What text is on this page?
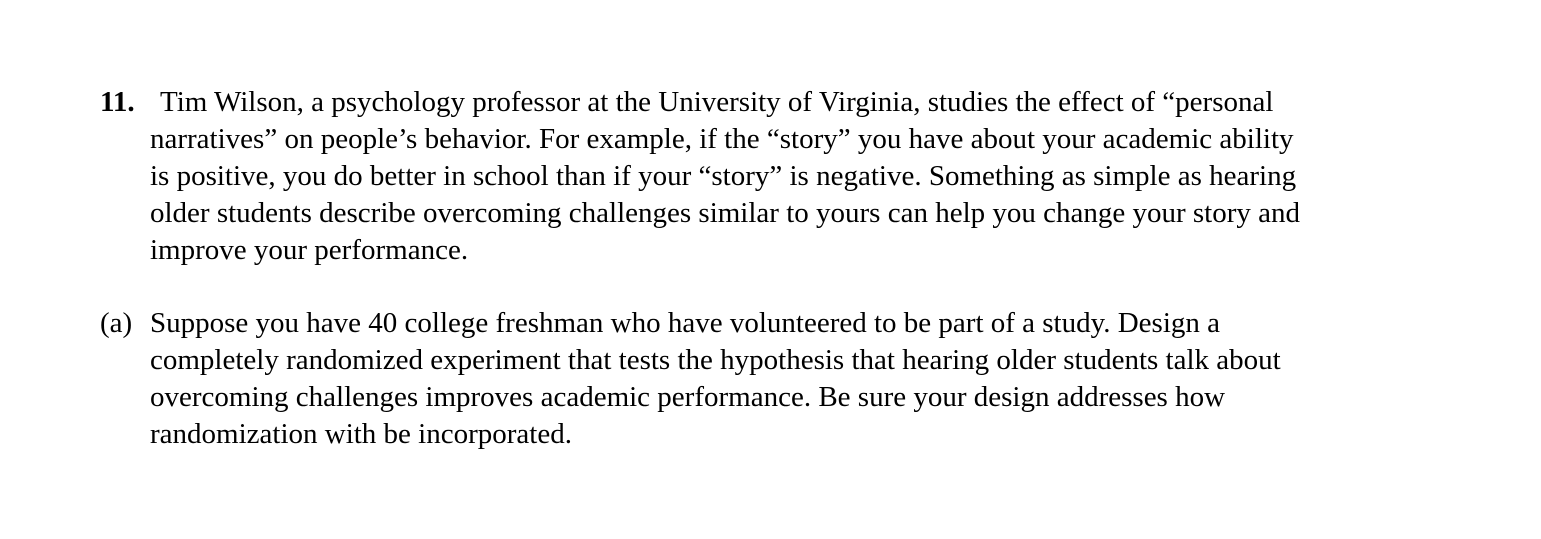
11. Tim Wilson, a psychology professor at the University of Virginia, studies the effect of “personal
narratives” on people’s behavior. For example, if the “story” you have about your academic ability
is positive, you do better in school than if your “story” is negative. Something as simple as hearing
older students describe overcoming challenges similar to yours can help you change your story and
improve your performance.
(a) Suppose you have 40 college freshman who have volunteered to be part of a study. Design a
completely randomized experiment that tests the hypothesis that hearing older students talk about
overcoming challenges improves academic performance. Be sure your design addresses how
randomization with be incorporated.
